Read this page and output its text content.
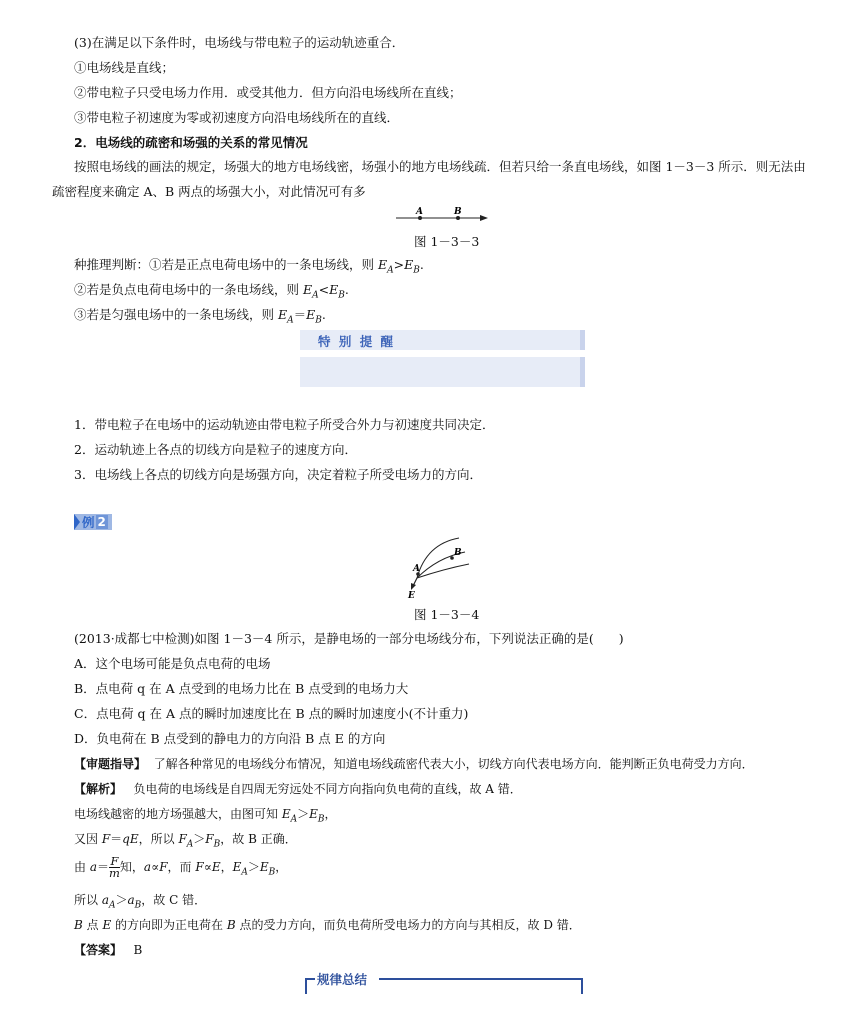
(3)在满足以下条件时，电场线与带电粒子的运动轨迹重合．
①电场线是直线；
②带电粒子只受电场力作用．或受其他力．但方向沿电场线所在直线；
③带电粒子初速度为零或初速度方向沿电场线所在的直线．
2．电场线的疏密和场强的关系的常见情况
按照电场线的画法的规定，场强大的地方电场线密，场强小的地方电场线疏．但若只给一条直电场线，如图 1－3－3 所示．则无法由
疏密程度来确定 A、B 两点的场强大小，对此情况可有多
A	B
图 1－3－3
种推理判断：①若是正点电荷电场中的一条电场线，则 $E_A>E_B$.
②若是负点电荷电场中的一条电场线，则 $E_A<E_B$.
③若是匀强电场中的一条电场线，则 $E_A=E_B$.
特 别 提 醒
1．带电粒子在电场中的运动轨迹由带电粒子所受合外力与初速度共同决定．
2．运动轨迹上各点的切线方向是粒子的速度方向．
3．电场线上各点的切线方向是场强方向，决定着粒子所受电场力的方向．
例 2
A
B
E
图 1－3－4
(2013·成都七中检测)如图 1－3－4 所示，是静电场的一部分电场线分布，下列说法正确的是(　　)
A．这个电场可能是负点电荷的电场
B．点电荷 q 在 A 点受到的电场力比在 B 点受到的电场力大
C．点电荷 q 在 A 点的瞬时加速度比在 B 点的瞬时加速度小(不计重力)
D．负电荷在 B 点受到的静电力的方向沿 B 点 E 的方向
【审题指导】 了解各种常见的电场线分布情况，知道电场线疏密代表大小，切线方向代表电场方向．能判断正负电荷受力方向．
【解析】 负电荷的电场线是自四周无穷远处不同方向指向负电荷的直线，故 A 错．
电场线越密的地方场强越大，由图可知 $E_A>E_B$，
又因 F＝qE，所以 $F_A>F_B$，故 B 正确．
由 $a= \frac{F}{m}$知，a∝F，而 F∝E，$E_A>E_B$，
所以 $a_A>a_B$，故 C 错．
B 点 E 的方向即为正电荷在 B 点的受力方向，而负电荷所受电场力的方向与其相反，故 D 错．
【答案】 B
规律总结
